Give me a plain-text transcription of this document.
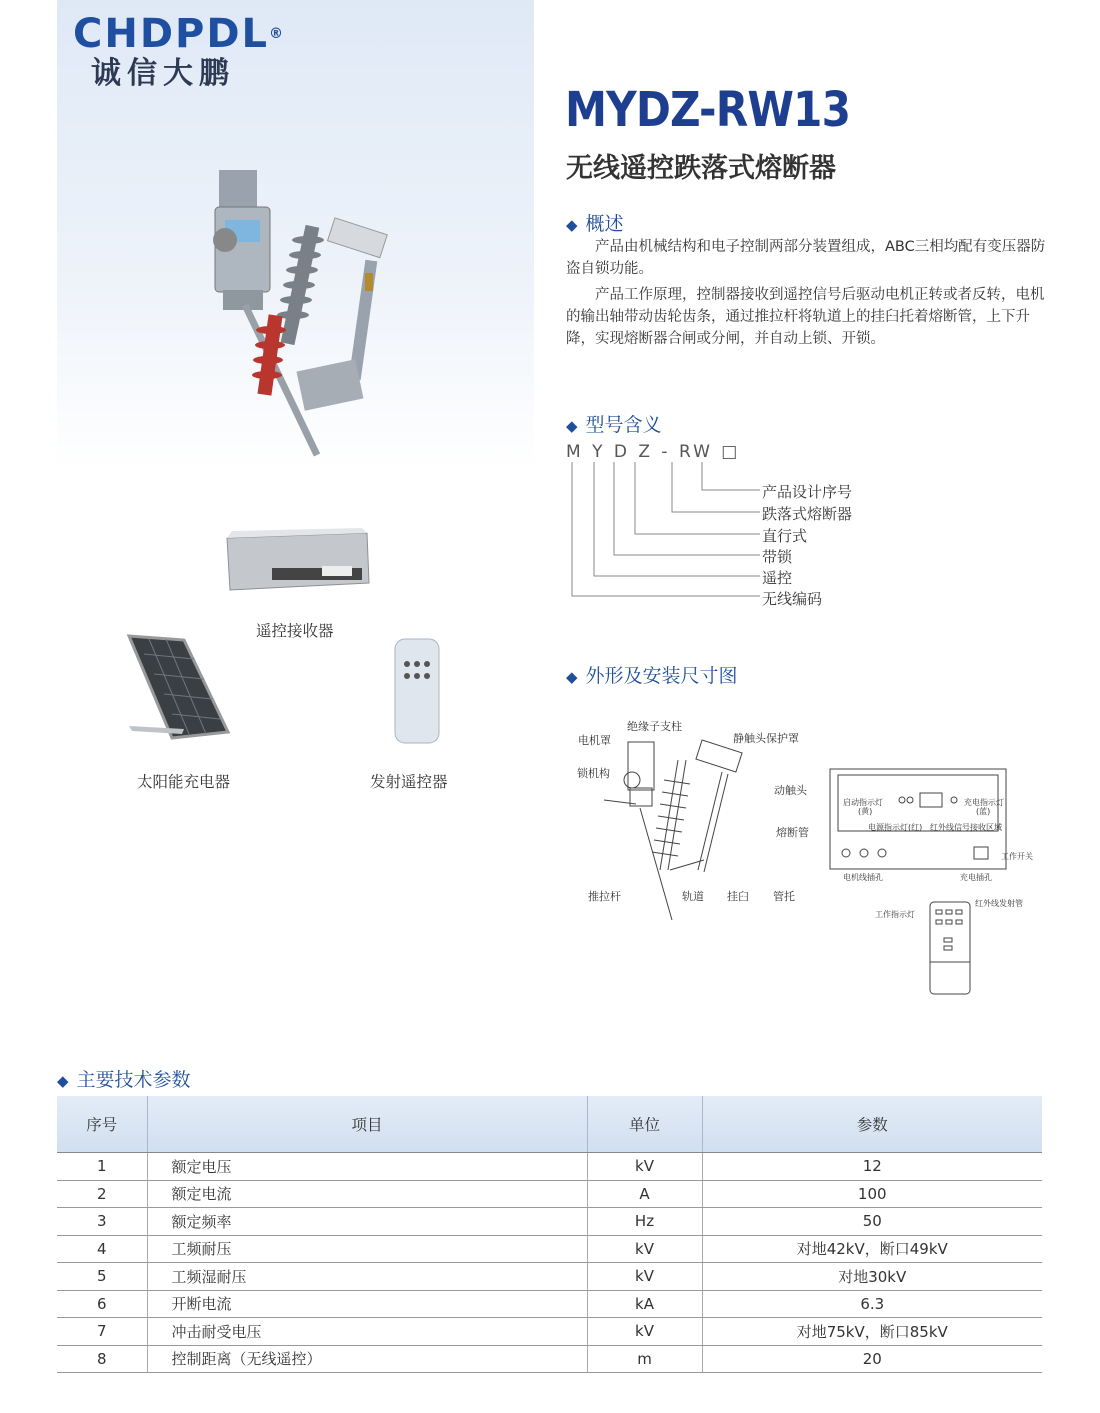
CHDPDL®
诚信大鹏
遥控接收器
太阳能充电器	发射遥控器
MYDZ-RW13
无线遥控跌落式熔断器
◆ 概述

产品由机械结构和电子控制两部分装置组成，ABC三相均配有变压器防盗自锁功能。

产品工作原理，控制器接收到遥控信号后驱动电机正转或者反转，电机的输出轴带动齿轮齿条，通过推拉杆将轨道上的挂臼托着熔断管，上下升降，实现熔断器合闸或分闸，并自动上锁、开锁。

◆ 型号含义
M Y D Z - RW □
产品设计序号
跌落式熔断器
直行式
带锁
遥控
无线编码
◆ 外形及安装尺寸图
绝缘子支柱
电机罩	静触头保护罩
锁机构
动触头
熔断管
推拉杆	轨道 挂臼 管托
启动指示灯
(黄)
充电指示灯
(蓝)
电源指示灯(红) 红外线信号接收区域
工作开关
电机线插孔	充电插孔
红外线发射管
工作指示灯
◆ 主要技术参数
序号	项目	单位	参数
1	额定电压	kV	12
2	额定电流	A	100
3	额定频率	Hz	50
4	工频耐压	kV	对地42kV，断口49kV
5	工频湿耐压	kV	对地30kV
6	开断电流	kA	6.3
7	冲击耐受电压	kV	对地75kV，断口85kV
8	控制距离（无线遥控）	m	20
